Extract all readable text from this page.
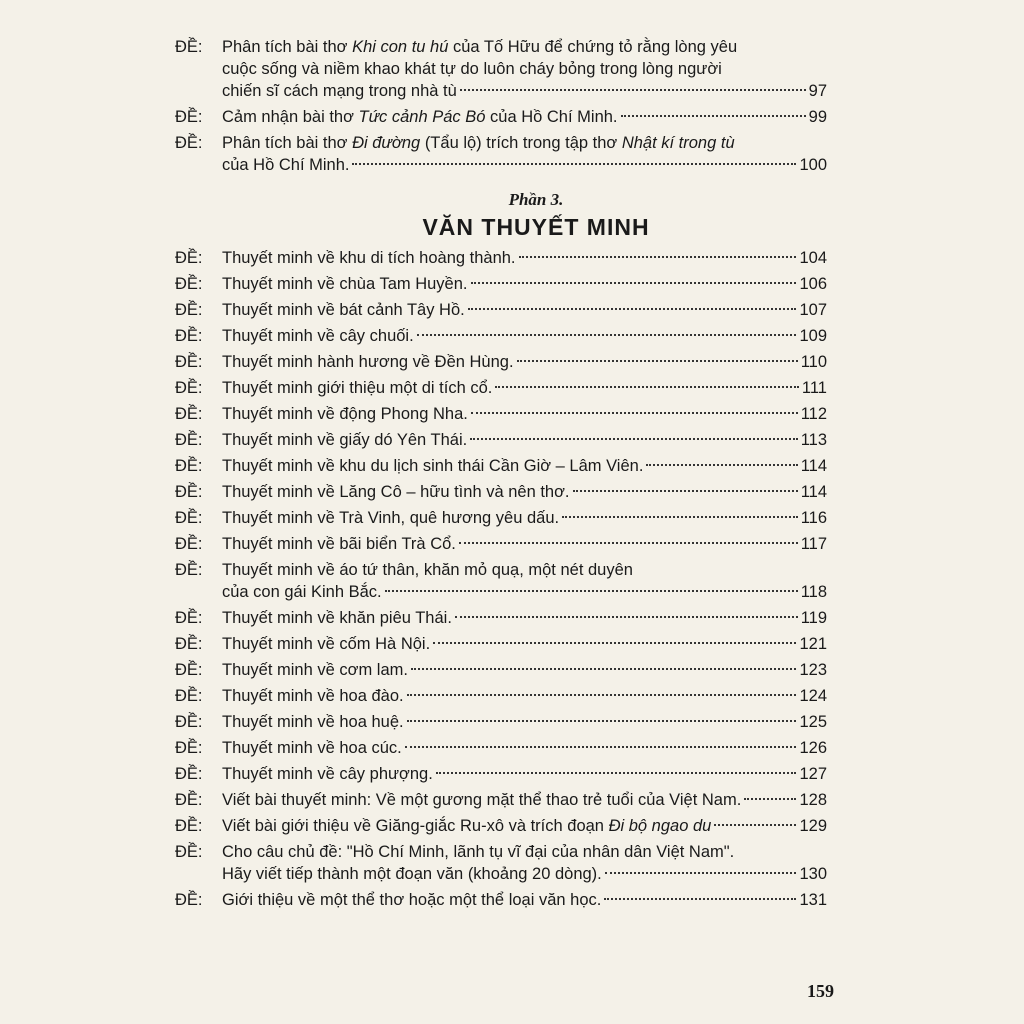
ĐỀ:	Phân tích bài thơ Khi con tu hú của Tố Hữu để chứng tỏ rằng lòng yêu
cuộc sống và niềm khao khát tự do luôn cháy bỏng trong lòng người
chiến sĩ cách mạng trong nhà tù	97
ĐỀ:	Cảm nhận bài thơ Tức cảnh Pác Bó của Hồ Chí Minh.	99
ĐỀ:	Phân tích bài thơ Đi đường (Tẩu lộ) trích trong tập thơ Nhật kí trong tù
của Hồ Chí Minh.	100
Phần 3.
VĂN THUYẾT MINH
ĐỀ:	Thuyết minh về khu di tích hoàng thành.	104
ĐỀ:	Thuyết minh về chùa Tam Huyền.	106
ĐỀ:	Thuyết minh về bát cảnh Tây Hồ.	107
ĐỀ:	Thuyết minh về cây chuối.	109
ĐỀ:	Thuyết minh hành hương về Đền Hùng.	110
ĐỀ:	Thuyết minh giới thiệu một di tích cổ.	111
ĐỀ:	Thuyết minh về động Phong Nha.	112
ĐỀ:	Thuyết minh về giấy dó Yên Thái.	113
ĐỀ:	Thuyết minh về khu du lịch sinh thái Cần Giờ – Lâm Viên.	114
ĐỀ:	Thuyết minh về Lăng Cô – hữu tình và nên thơ.	114
ĐỀ:	Thuyết minh về Trà Vinh, quê hương yêu dấu.	116
ĐỀ:	Thuyết minh về bãi biển Trà Cổ.	117
ĐỀ:	Thuyết minh về áo tứ thân, khăn mỏ quạ, một nét duyên
của con gái Kinh Bắc.	118
ĐỀ:	Thuyết minh về khăn piêu Thái.	119
ĐỀ:	Thuyết minh về cốm Hà Nội.	121
ĐỀ:	Thuyết minh về cơm lam.	123
ĐỀ:	Thuyết minh về hoa đào.	124
ĐỀ:	Thuyết minh về hoa huệ.	125
ĐỀ:	Thuyết minh về hoa cúc.	126
ĐỀ:	Thuyết minh về cây phượng.	127
ĐỀ:	Viết bài thuyết minh: Về một gương mặt thể thao trẻ tuổi của Việt Nam.	128
ĐỀ:	Viết bài giới thiệu về Giăng-giắc Ru-xô và trích đoạn Đi bộ ngao du	129
ĐỀ:	Cho câu chủ đề: "Hồ Chí Minh, lãnh tụ vĩ đại của nhân dân Việt Nam".
Hãy viết tiếp thành một đoạn văn (khoảng 20 dòng).	130
ĐỀ:	Giới thiệu về một thể thơ hoặc một thể loại văn học.	131
159
